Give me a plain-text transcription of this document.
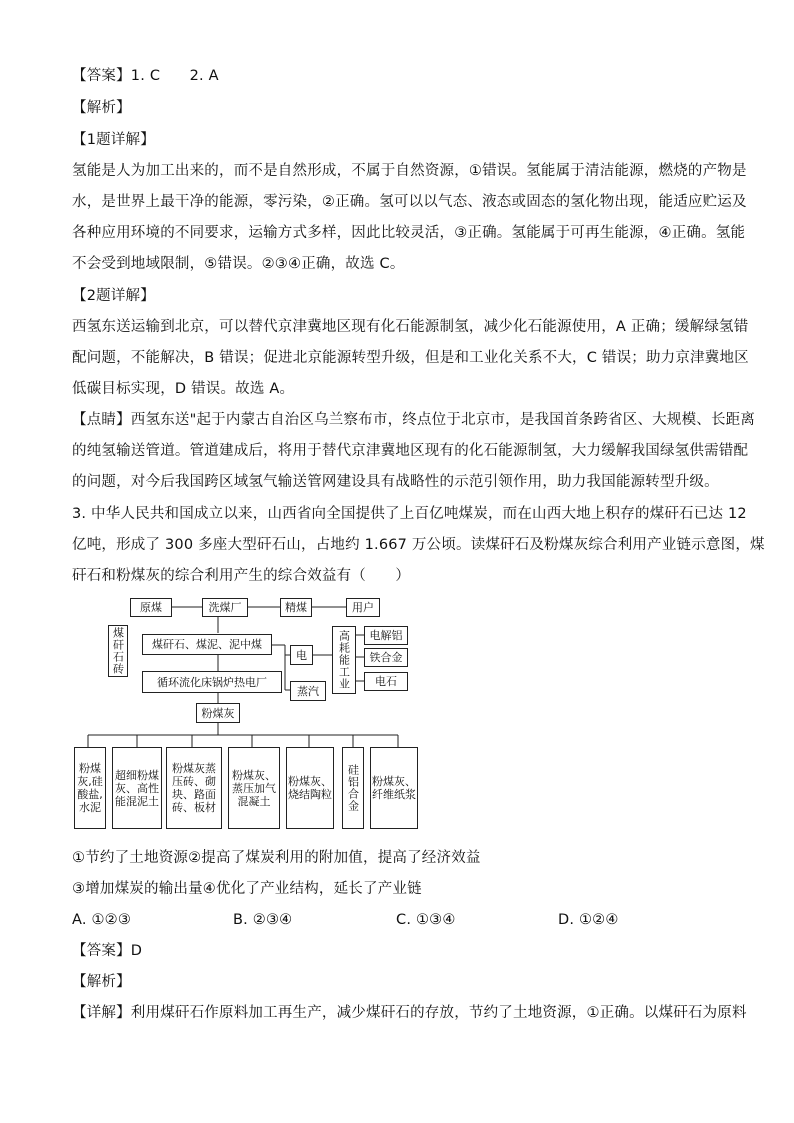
【答案】1. C　　2. A
【解析】
【1题详解】
氢能是人为加工出来的，而不是自然形成，不属于自然资源，①错误。氢能属于清洁能源，燃烧的产物是
水，是世界上最干净的能源，零污染，②正确。氢可以以气态、液态或固态的氢化物出现，能适应贮运及
各种应用环境的不同要求，运输方式多样，因此比较灵活，③正确。氢能属于可再生能源，④正确。氢能
不会受到地域限制，⑤错误。②③④正确，故选 C。
【2题详解】
西氢东送运输到北京，可以替代京津冀地区现有化石能源制氢，减少化石能源使用，A 正确；缓解绿氢错
配问题，不能解决，B 错误；促进北京能源转型升级，但是和工业化关系不大，C 错误；助力京津冀地区
低碳目标实现，D 错误。故选 A。
【点睛】西氢东送"起于内蒙古自治区乌兰察布市，终点位于北京市，是我国首条跨省区、大规模、长距离
的纯氢输送管道。管道建成后，将用于替代京津冀地区现有的化石能源制氢，大力缓解我国绿氢供需错配
的问题，对今后我国跨区域氢气输送管网建设具有战略性的示范引领作用，助力我国能源转型升级。
3. 中华人民共和国成立以来，山西省向全国提供了上百亿吨煤炭，而在山西大地上积存的煤矸石已达 12
亿吨，形成了 300 多座大型矸石山，占地约 1.667 万公顷。读煤矸石及粉煤灰综合利用产业链示意图，煤
矸石和粉煤灰的综合利用产生的综合效益有（　　）
原煤	洗煤厂	精煤	用户
煤矸石砖	煤矸石、煤泥、泥中煤
循环流化床锅炉热电厂
电
蒸汽
高耗能工业	电解铝
铁合金
电石
粉煤灰
粉煤灰,硅酸盐,水泥
超细粉煤灰、高性能混泥土
粉煤灰蒸压砖、砌块、路面砖、板材
粉煤灰、蒸压加气混凝土
粉煤灰、烧结陶粒	硅铝合金	粉煤灰、纤维纸浆
①节约了土地资源②提高了煤炭利用的附加值，提高了经济效益
③增加煤炭的输出量④优化了产业结构，延长了产业链
A. ①②③	B. ②③④	C. ①③④	D. ①②④
【答案】D
【解析】
【详解】利用煤矸石作原料加工再生产，减少煤矸石的存放，节约了土地资源，①正确。以煤矸石为原料
